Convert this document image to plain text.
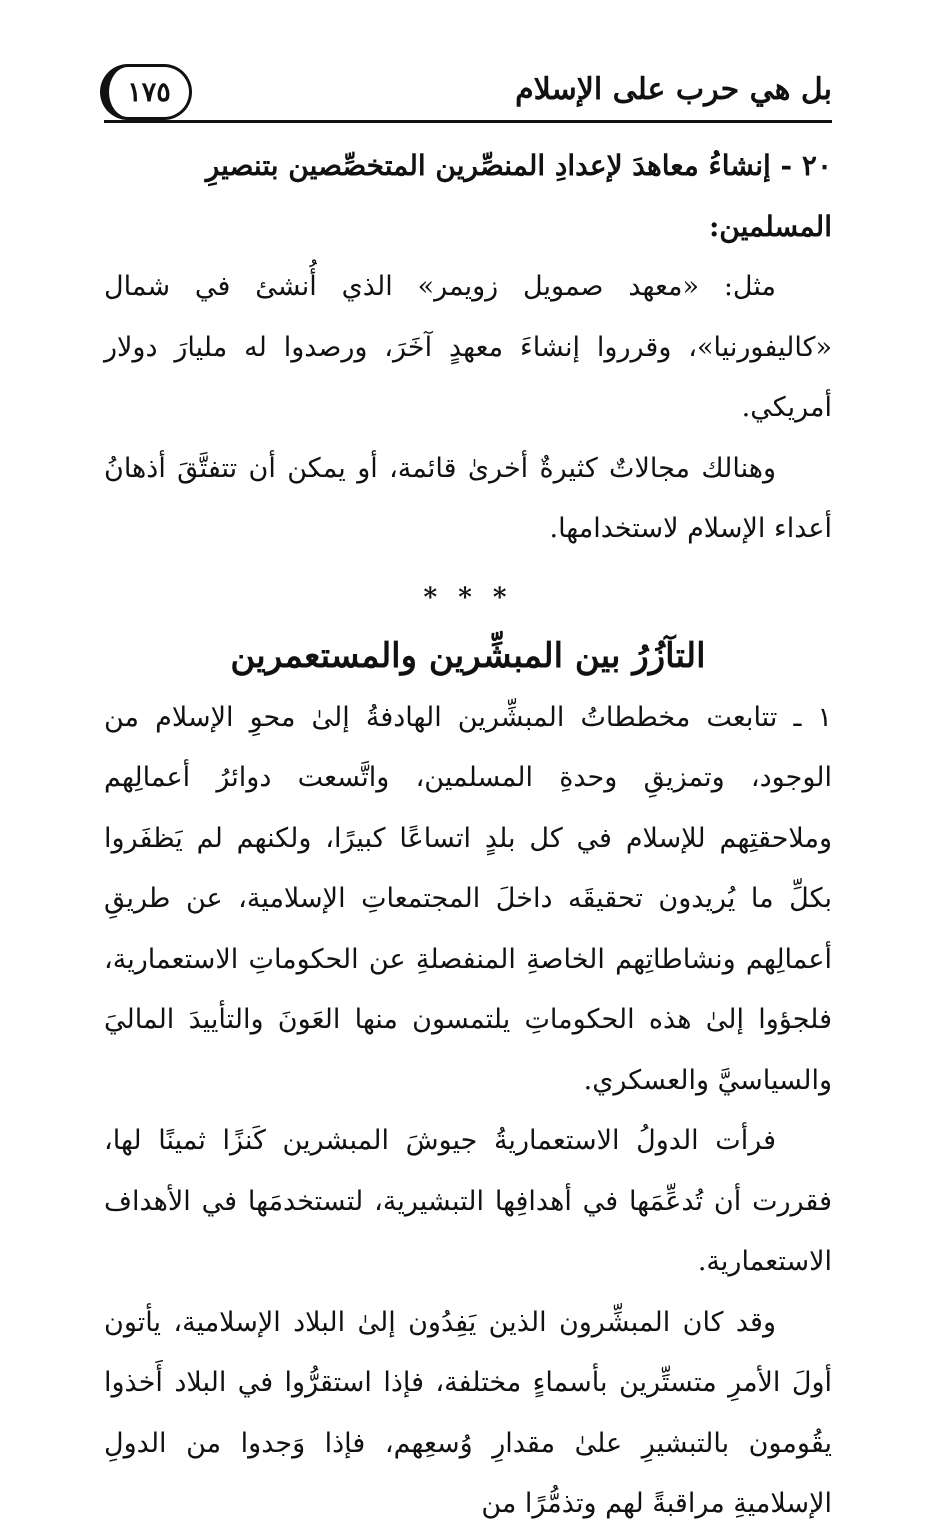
بل هي حرب على الإسلام
١٧٥

٢٠ - إنشاءُ معاهدَ لإعدادِ المنصِّرين المتخصِّصين بتنصيرِ

المسلمين:

مثل: «معهد صمويل زويمر» الذي أُنشئ في شمال «كاليفورنيا»، وقرروا إنشاءَ معهدٍ آخَرَ، ورصدوا له مليارَ دولار أمريكي.

وهنالك مجالاتٌ كثيرةٌ أخرىٰ قائمة، أو يمكن أن تتفتَّقَ أذهانُ أعداء الإسلام لاستخدامها.

* * *

التآزُرُ بين المبشِّرين والمستعمرين

١ ـ تتابعت مخططاتُ المبشِّرين الهادفةُ إلىٰ محوِ الإسلام من الوجود، وتمزيقِ وحدةِ المسلمين، واتَّسعت دوائرُ أعمالِهم وملاحقتِهم للإسلام في كل بلدٍ اتساعًا كبيرًا، ولكنهم لم يَظفَروا بكلِّ ما يُريدون تحقيقَه داخلَ المجتمعاتِ الإسلامية، عن طريقِ أعمالِهم ونشاطاتِهم الخاصةِ المنفصلةِ عن الحكوماتِ الاستعمارية، فلجؤوا إلىٰ هذه الحكوماتِ يلتمسون منها العَونَ والتأييدَ الماليَ والسياسيَّ والعسكري.

فرأت الدولُ الاستعماريةُ جيوشَ المبشرين كَنزًا ثمينًا لها، فقررت أن تُدعِّمَها في أهدافِها التبشيرية، لتستخدمَها في الأهداف الاستعمارية.

وقد كان المبشِّرون الذين يَفِدُون إلىٰ البلاد الإسلامية، يأتون أولَ الأمرِ متستِّرين بأسماءٍ مختلفة، فإذا استقرُّوا في البلاد أَخذوا يقُومون بالتبشيرِ علىٰ مقدارِ وُسعِهم، فإذا وَجدوا من الدولِ الإسلاميةِ مراقبةً لهم وتذمُّرًا من
